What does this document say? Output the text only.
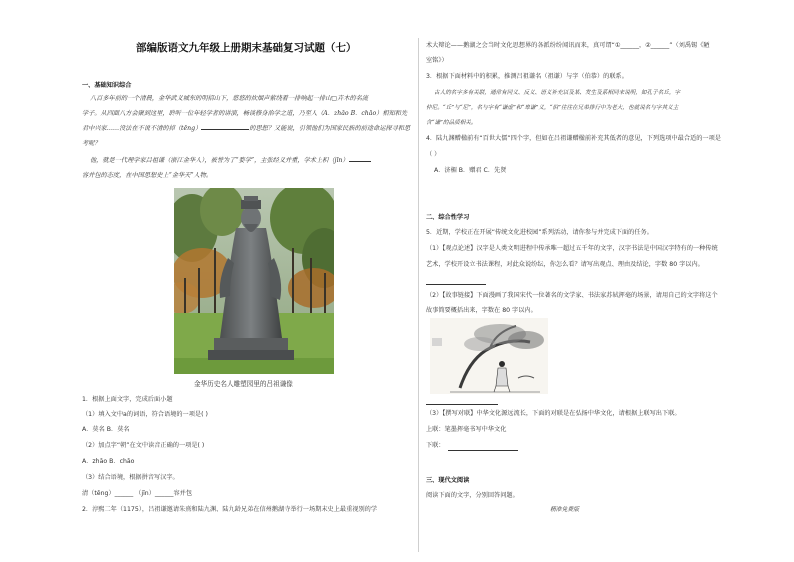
部编版语文九年级上册期末基础复习试题（七）
一、基础知识综合
八百多年前的一个清晨，金华武义城东的明招山下，悠悠的炊烟声萦绕着一排响起一排山▢卉木的名流
学子。从四面八方会聚到这里，聆听一位年轻学者的讲演，畅谈修身治学之道，乃至人（A．zhāo B．chāo）相知和先
君中兴家……没法在不说不清的掉（tēng）	的思想？又能说，引领他们为国家民族的前途命运探寻和思
考呢？
他，就是一代理学家吕祖谦（浙江金华人），被誉为了“婺学”，主张经义并重，学术上积（jīn）
容并包的态度，在中国思想史上“金华天”人物。
金华历史名人雕塑园里的吕祖谦像
1．根据上面文字，完成后面小题
（1）填入文中a的词语，符合语境的一项是( )
A．莫名 B．莫名
（2）加点字“朝”在文中读音正确的一项是( )
A．zhāo B．chāo
（3）结合语境，根据拼音写汉字。
清（tēng）______ （jīn）______容并包
2．淳熙二年（1175），吕祖谦邀请朱熹和陆九渊、陆九龄兄弟在信州鹅湖寺举行一场期末史上最重视别的学
术大辩论——鹅湖之会当时文化思想界的各派纷纷闻讯而来，真可谓“①______，②______”（刘禹锡《陋
室铭》）
3．根据下面材料中的积累，推测吕祖谦名（祖谦）与字（伯恭）的联系。
古人的名字多有关联，通常有同义、反义、语义补充以及某、发生及系相同来说明，如孔子名丘，字
仲尼。“丘”与“尼”，名与字有“谦虚”和“卑谦”义，“伯”往往在兄弟排行中为老大，也就说名与字其义主
含“谦”的品质相关。
4．陆九渊赠楹前有“百世大儒”四个字，但如在吕祖谦赠楹前补充其低者的意见，下列选项中最合适的一项是
（ ）
A．济楣 B．赠君 C．先贤
二、综合性学习
5．近期，学校正在开展“传统文化进校园”系列活动，请你参与并完成下面的任务。
（1）【观点论述】汉字是人类文明进程中传承唯一超过五千年的文字，汉字书法是中国汉字特有的一种传统
艺术，学校开设立书法课程，对此众说纷纭，你怎么看？请写出观点、理由及结论，字数 80 字以内。
（2）【故事链接】下面漫画了我国宋代一位著名的文学家、书法家苏轼挥毫的场景，请用自己的文字将这个
故事简要概括出来，字数在 80 字以内。
（3）【撰写对联】中华文化源远流长，下面的对联是在弘扬中华文化，请根据上联写出下联。
上联：笔墨挥毫书写中华文化
下联：
三、现代文阅读
阅读下面的文字，分别回答问题。
精准免费版
